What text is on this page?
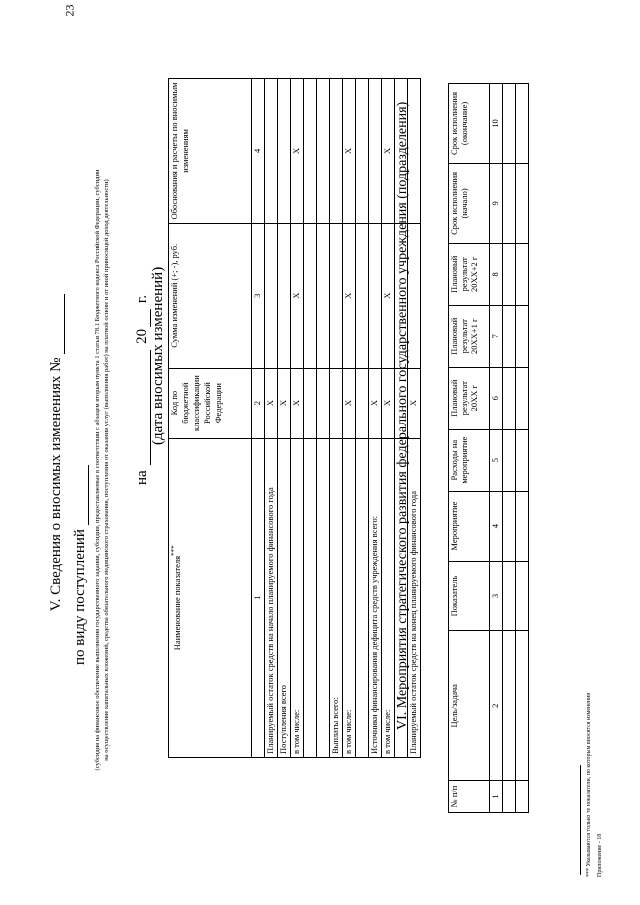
23
V. Сведения о вносимых изменениях № по виду поступлений (субсидия на финансовое обеспечение выполнения государственного задания, субсидии, предоставляемые в соответствии с абзацем вторым пункта 1 статьи 78.1 Бюджетного кодекса Российской Федерации, субсидии на осуществление капитальных вложений, средства обязательного медицинского страхования, поступления от оказания услуг (выполнения работ) на платной основе и от иной приносящей доход деятельности) на  20 г. (дата вносимых изменений)
Наименование показателя***	Код по бюджетной классификации Российской Федерации	Сумма изменений (+; -), руб.	Обоснования и расчеты по вносимым изменениям
1	2	3	4
Планируемый остаток средств на начало планируемого финансового года	X		
Поступления всего	X		
в том числе:	X	X	X

Выплаты всего:			
в том числе:	X	X	X

Источники финансирования дефицита средств учреждения всего:	X		
в том числе:	X	X	X

Планируемый остаток средств на конец планируемого финансового года	X		
VI. Мероприятия стратегического развития федерального государственного учреждения (подразделения)
№ п/п	Цель/задача	Показатель	Мероприятие	Расходы на мероприятие	Плановый результат 20XX г	Плановый результат 20XX+1 г	Плановый результат 20XX+2 г	Срок исполнения (начало)	Срок исполнения (окончание)
1	2	3	4	5	6	7	8	9	10

*** Указываются только те показатели, по которым вносятся изменения Приложение - 18
